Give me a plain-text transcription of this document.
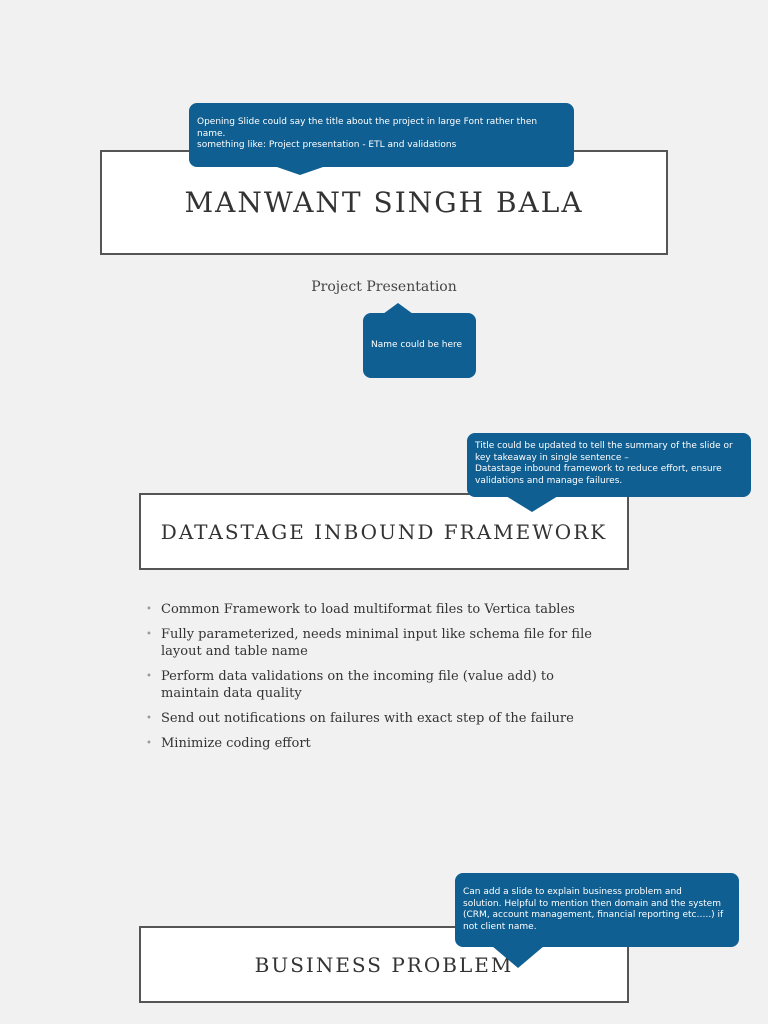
MANWANT SINGH BALA
Opening Slide could say the title about the project in large Font rather then
name.
something like: Project presentation - ETL and validations
Project Presentation
Name could be here
DATASTAGE INBOUND FRAMEWORK
Title could be updated to tell the summary of the slide or
key takeaway in single sentence –
Datastage inbound framework to reduce effort, ensure
validations and manage failures.
• Common Framework to load multiformat files to Vertica tables
• Fully parameterized, needs minimal input like schema file for file layout and table name
• Perform data validations on the incoming file (value add) to maintain data quality
• Send out notifications on failures with exact step of the failure
• Minimize coding effort
BUSINESS PROBLEM
Can add a slide to explain business problem and
solution. Helpful to mention then domain and the system
(CRM, account management, financial reporting etc…..) if
not client name.
